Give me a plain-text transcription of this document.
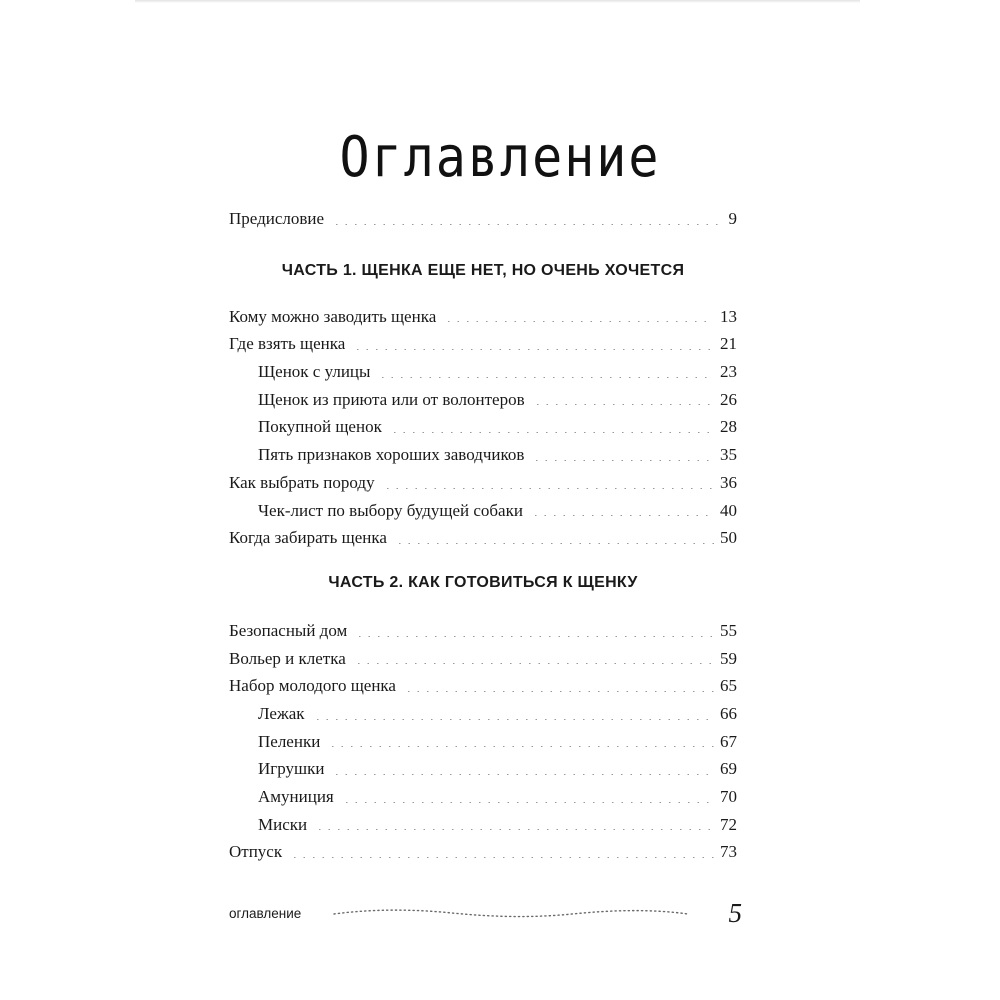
Оглавление
Предисловие	9
ЧАСТЬ 1. ЩЕНКА ЕЩЕ НЕТ, НО ОЧЕНЬ ХОЧЕТСЯ
Кому можно заводить щенка	13
Где взять щенка	21
Щенок с улицы	23
Щенок из приюта или от волонтеров	26
Покупной щенок	28
Пять признаков хороших заводчиков	35
Как выбрать породу	36
Чек-лист по выбору будущей собаки	40
Когда забирать щенка	50
ЧАСТЬ 2. КАК ГОТОВИТЬСЯ К ЩЕНКУ
Безопасный дом	55
Вольер и клетка	59
Набор молодого щенка	65
Лежак	66
Пеленки	67
Игрушки	69
Амуниция	70
Миски	72
Отпуск	73
оглавление	5
